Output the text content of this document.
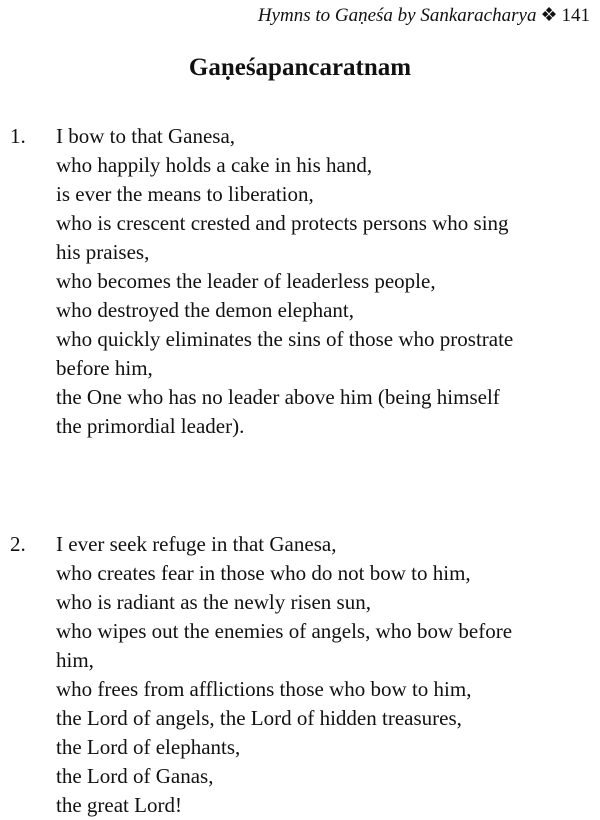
Hymns to Gaṇeśa by Sankaracharya ❖ 141
Gaṇeśapancaratnam
1. I bow to that Ganesa,
who happily holds a cake in his hand,
is ever the means to liberation,
who is crescent crested and protects persons who sing
his praises,
who becomes the leader of leaderless people,
who destroyed the demon elephant,
who quickly eliminates the sins of those who prostrate
before him,
the One who has no leader above him (being himself
the primordial leader).
2. I ever seek refuge in that Ganesa,
who creates fear in those who do not bow to him,
who is radiant as the newly risen sun,
who wipes out the enemies of angels, who bow before
him,
who frees from afflictions those who bow to him,
the Lord of angels, the Lord of hidden treasures,
the Lord of elephants,
the Lord of Ganas,
the great Lord!
